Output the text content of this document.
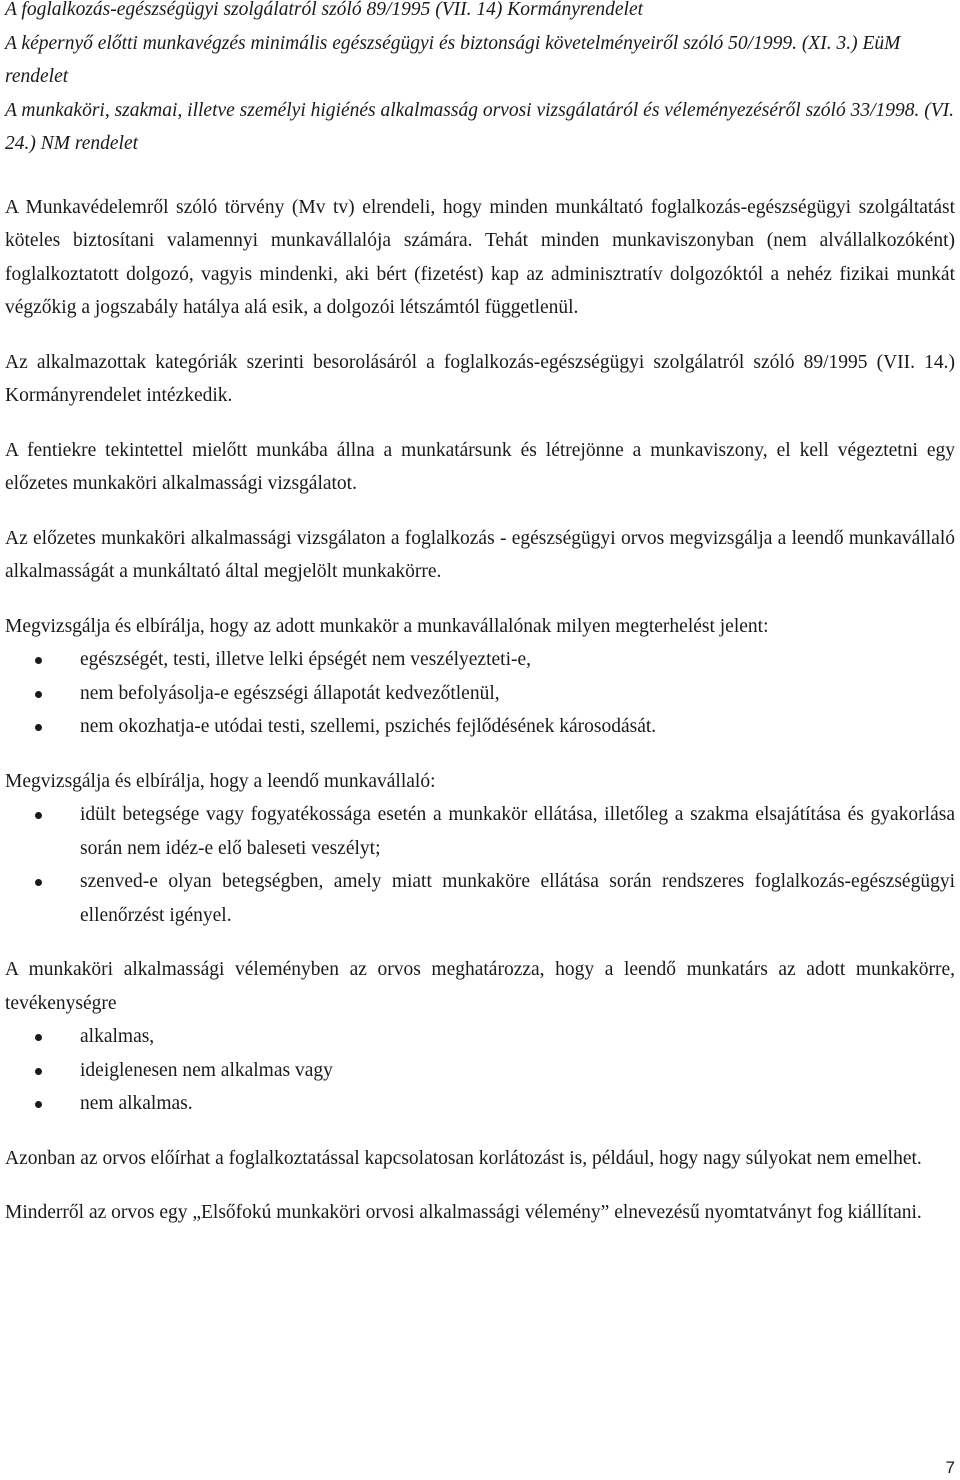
A foglalkozás-egészségügyi szolgálatról szóló 89/1995 (VII. 14) Kormányrendelet

A képernyő előtti munkavégzés minimális egészségügyi és biztonsági követelményeiről szóló 50/1999. (XI. 3.) EüM rendelet

A munkaköri, szakmai, illetve személyi higiénés alkalmasság orvosi vizsgálatáról és véleményezéséről szóló 33/1998. (VI. 24.) NM rendelet

A Munkavédelemről szóló törvény (Mv tv) elrendeli, hogy minden munkáltató foglalkozás-egészségügyi szolgáltatást köteles biztosítani valamennyi munkavállalója számára. Tehát minden munkaviszonyban (nem alvállalkozóként) foglalkoztatott dolgozó, vagyis mindenki, aki bért (fizetést) kap az adminisztratív dolgozóktól a nehéz fizikai munkát végzőkig a jogszabály hatálya alá esik, a dolgozói létszámtól függetlenül.

Az alkalmazottak kategóriák szerinti besorolásáról a foglalkozás-egészségügyi szolgálatról szóló 89/1995 (VII. 14.) Kormányrendelet intézkedik.

A fentiekre tekintettel mielőtt munkába állna a munkatársunk és létrejönne a munkaviszony, el kell végeztetni egy előzetes munkaköri alkalmassági vizsgálatot.

Az előzetes munkaköri alkalmassági vizsgálaton a foglalkozás - egészségügyi orvos megvizsgálja a leendő munkavállaló alkalmasságát a munkáltató által megjelölt munkakörre.

Megvizsgálja és elbírálja, hogy az adott munkakör a munkavállalónak milyen megterhelést jelent:

egészségét, testi, illetve lelki épségét nem veszélyezteti-e,
nem befolyásolja-e egészségi állapotát kedvezőtlenül,
nem okozhatja-e utódai testi, szellemi, pszichés fejlődésének károsodását.

Megvizsgálja és elbírálja, hogy a leendő munkavállaló:

idült betegsége vagy fogyatékossága esetén a munkakör ellátása, illetőleg a szakma elsajátítása és gyakorlása során nem idéz-e elő baleseti veszélyt;
szenved-e olyan betegségben, amely miatt munkaköre ellátása során rendszeres foglalkozás-egészségügyi ellenőrzést igényel.

A munkaköri alkalmassági véleményben az orvos meghatározza, hogy a leendő munkatárs az adott munkakörre, tevékenységre

alkalmas,
ideiglenesen nem alkalmas vagy
nem alkalmas.

Azonban az orvos előírhat a foglalkoztatással kapcsolatosan korlátozást is, például, hogy nagy súlyokat nem emelhet.

Minderről az orvos egy „Elsőfokú munkaköri orvosi alkalmassági vélemény” elnevezésű nyomtatványt fog kiállítani.

7
